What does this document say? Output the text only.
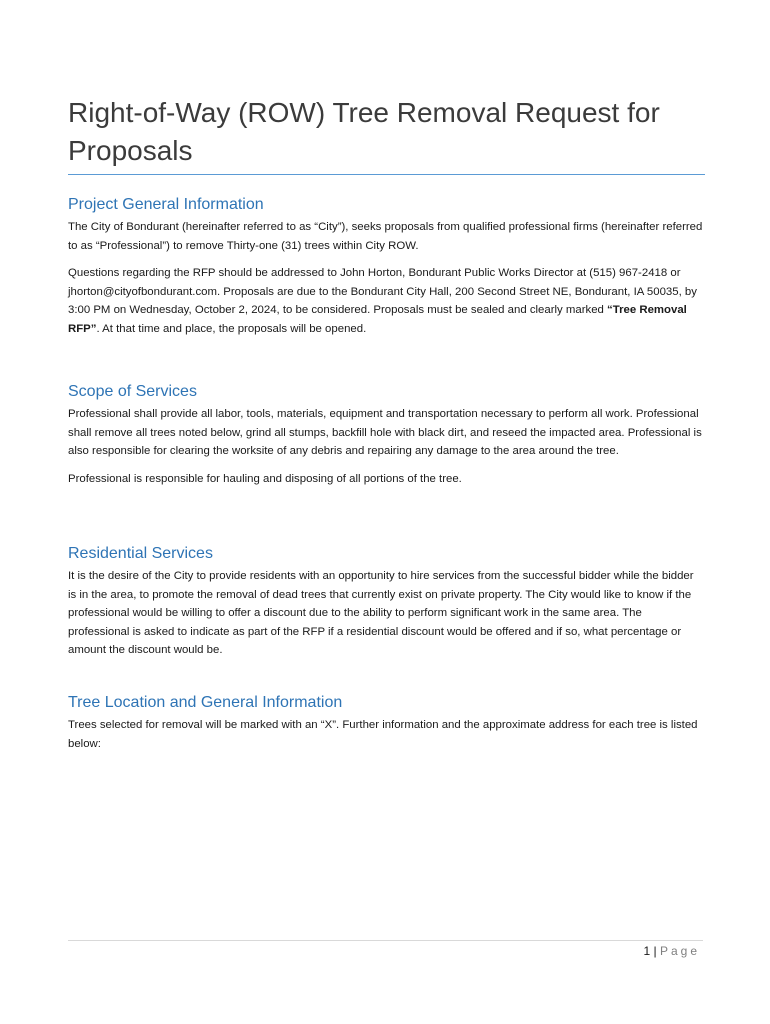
Right-of-Way (ROW) Tree Removal Request for Proposals
Project General Information

The City of Bondurant (hereinafter referred to as “City”), seeks proposals from qualified professional firms (hereinafter referred to as “Professional”) to remove Thirty-one (31) trees within City ROW.

Questions regarding the RFP should be addressed to John Horton, Bondurant Public Works Director at (515) 967-2418 or jhorton@cityofbondurant.com. Proposals are due to the Bondurant City Hall, 200 Second Street NE, Bondurant, IA 50035, by 3:00 PM on Wednesday, October 2, 2024, to be considered. Proposals must be sealed and clearly marked “Tree Removal RFP”. At that time and place, the proposals will be opened.

Scope of Services

Professional shall provide all labor, tools, materials, equipment and transportation necessary to perform all work. Professional shall remove all trees noted below, grind all stumps, backfill hole with black dirt, and reseed the impacted area. Professional is also responsible for clearing the worksite of any debris and repairing any damage to the area around the tree.

Professional is responsible for hauling and disposing of all portions of the tree.

Residential Services

It is the desire of the City to provide residents with an opportunity to hire services from the successful bidder while the bidder is in the area, to promote the removal of dead trees that currently exist on private property. The City would like to know if the professional would be willing to offer a discount due to the ability to perform significant work in the same area. The professional is asked to indicate as part of the RFP if a residential discount would be offered and if so, what percentage or amount the discount would be.

Tree Location and General Information

Trees selected for removal will be marked with an “X”. Further information and the approximate address for each tree is listed below:

1 | Page
